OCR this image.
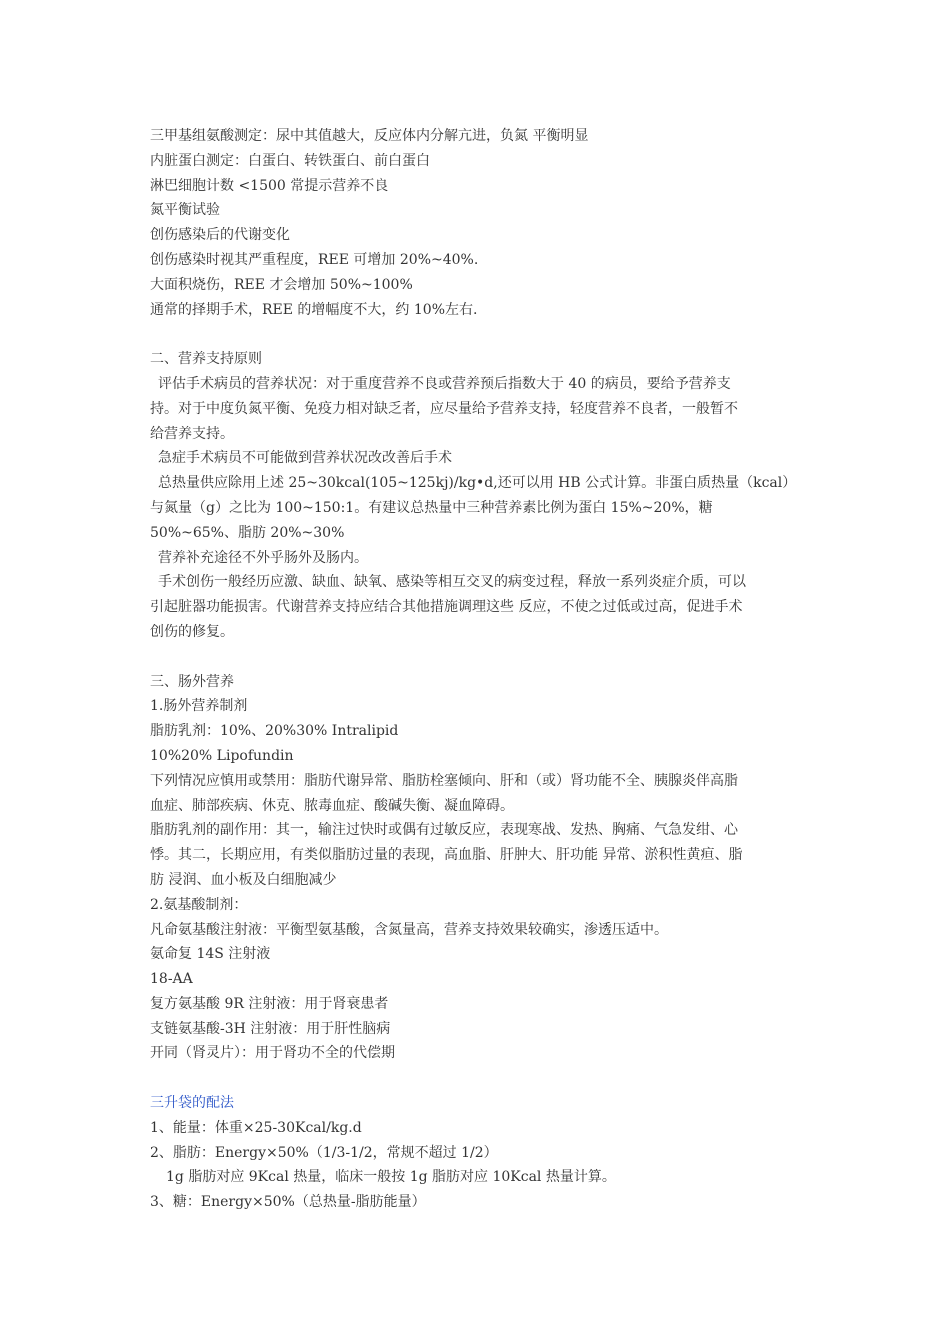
三甲基组氨酸测定：尿中其值越大，反应体内分解亢进，负氮 平衡明显
内脏蛋白测定：白蛋白、转铁蛋白、前白蛋白
淋巴细胞计数 <1500 常提示营养不良
氮平衡试验
创伤感染后的代谢变化
创伤感染时视其严重程度，REE 可增加 20%~40%.
大面积烧伤，REE 才会增加 50%~100%
通常的择期手术，REE 的增幅度不大，约 10%左右.
二、营养支持原则
评估手术病员的营养状况：对于重度营养不良或营养预后指数大于 40 的病员，要给予营养支
持。对于中度负氮平衡、免疫力相对缺乏者，应尽量给予营养支持，轻度营养不良者，一般暂不
给营养支持。
急症手术病员不可能做到营养状况改改善后手术
总热量供应除用上述 25~30kcal(105~125kj)/kg•d,还可以用 HB 公式计算。非蛋白质热量（kcal）
与氮量（g）之比为 100~150:1。有建议总热量中三种营养素比例为蛋白 15%~20%，糖
50%~65%、脂肪 20%~30%
营养补充途径不外乎肠外及肠内。
手术创伤一般经历应激、缺血、缺氧、感染等相互交叉的病变过程，释放一系列炎症介质，可以
引起脏器功能损害。代谢营养支持应结合其他措施调理这些 反应，不使之过低或过高，促进手术
创伤的修复。
三、肠外营养
1.肠外营养制剂
脂肪乳剂：10%、20%30% Intralipid
10%20% Lipofundin
下列情况应慎用或禁用：脂肪代谢异常、脂肪栓塞倾向、肝和（或）肾功能不全、胰腺炎伴高脂
血症、肺部疾病、休克、脓毒血症、酸碱失衡、凝血障碍。
脂肪乳剂的副作用：其一，输注过快时或偶有过敏反应，表现寒战、发热、胸痛、气急发绀、心
悸。其二，长期应用，有类似脂肪过量的表现，高血脂、肝肿大、肝功能 异常、淤积性黄疸、脂
肪 浸润、血小板及白细胞减少
2.氨基酸制剂：
凡命氨基酸注射液：平衡型氨基酸，含氮量高，营养支持效果较确实，渗透压适中。
氨命复 14S 注射液
18-AA
复方氨基酸 9R 注射液：用于肾衰患者
支链氨基酸-3H 注射液：用于肝性脑病
开同（肾灵片）：用于肾功不全的代偿期
三升袋的配法
1、能量：体重×25-30Kcal/kg.d
2、脂肪：Energy×50%（1/3-1/2，常规不超过 1/2）
1g 脂肪对应 9Kcal 热量，临床一般按 1g 脂肪对应 10Kcal 热量计算。
3、糖：Energy×50%（总热量-脂肪能量）
